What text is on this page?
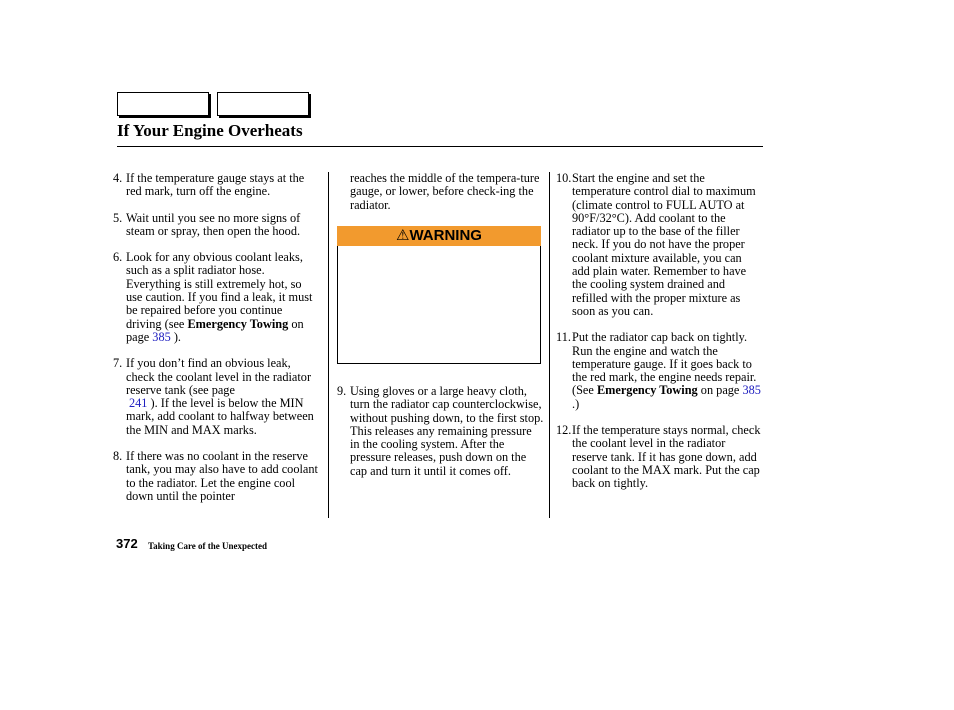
If Your Engine Overheats
4. If the temperature gauge stays at the red mark, turn off the engine.
5. Wait until you see no more signs of steam or spray, then open the hood.
6. Look for any obvious coolant leaks, such as a split radiator hose. Everything is still extremely hot, so use caution. If you find a leak, it must be repaired before you continue driving (see Emergency Towing on page 385 ).
7. If you don’t find an obvious leak, check the coolant level in the radiator reserve tank (see page
241 ). If the level is below the MIN mark, add coolant to halfway between the MIN and MAX marks.
8. If there was no coolant in the reserve tank, you may also have to add coolant to the radiator. Let the engine cool down until the pointer
reaches the middle of the tempera-ture gauge, or lower, before check-ing the radiator.
⚠WARNING
9. Using gloves or a large heavy cloth, turn the radiator cap counterclockwise, without pushing down, to the first stop. This releases any remaining pressure in the cooling system. After the pressure releases, push down on the cap and turn it until it comes off.
10. Start the engine and set the temperature control dial to maximum (climate control to FULL AUTO at 90°F/32°C). Add coolant to the radiator up to the base of the filler neck. If you do not have the proper coolant mixture available, you can add plain water. Remember to have the cooling system drained and refilled with the proper mixture as soon as you can.
11. Put the radiator cap back on tightly. Run the engine and watch the temperature gauge. If it goes back to the red mark, the engine needs repair. (See Emergency Towing on page 385 .)
12. If the temperature stays normal, check the coolant level in the radiator reserve tank. If it has gone down, add coolant to the MAX mark. Put the cap back on tightly.
372 Taking Care of the Unexpected
